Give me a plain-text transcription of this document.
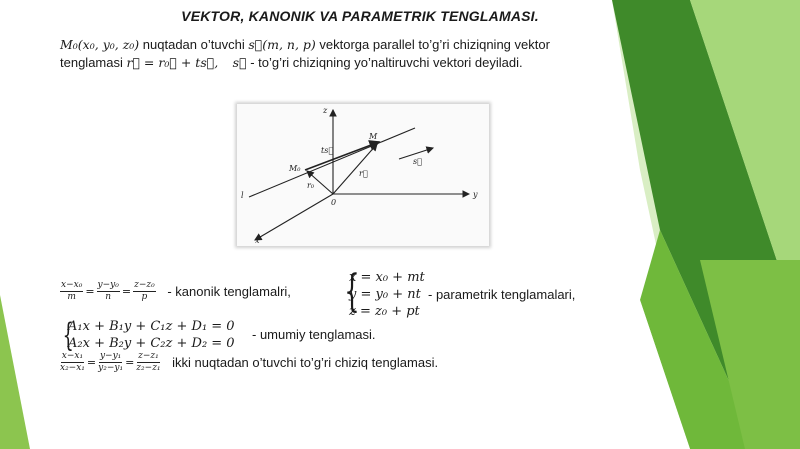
VEKTOR, KANONIK VA PARAMETRIK TENGLAMASI.
M₀(x₀, y₀, z₀) nuqtadan o’tuvchi s⃗(m, n, p) vektorga parallel to’g’ri chiziqning vektor
tenglamasi r⃗ = r₀⃗ + ts⃗, s⃗ - to’g’ri chiziqning yo’naltiruvchi vektori deyiladi.
z
y
x
0
M
M₀
ts⃗
r⃗
r₀
l
s⃗
$\frac{\text{x−x₀}}{m} = \frac{\text{y−y₀}}{n} = \frac{\text{z−z₀}}{p}$ - kanonik tenglamalri, {
x = x₀ + mt
y = y₀ + nt
z = z₀ + pt
- parametrik tenglamalari,
{
A₁x + B₁y + C₁z + D₁ = 0
A₂x + B₂y + C₂z + D₂ = 0
- umumiy tenglamasi.
$\frac{\text{x−x₁}}{\text{x₂−x₁}} = \frac{\text{y−y₁}}{\text{y₂−y₁}} = \frac{\text{z−z₁}}{\text{z₂−z₁}}$ ikki nuqtadan o’tuvchi to’g’ri chiziq tenglamasi.
